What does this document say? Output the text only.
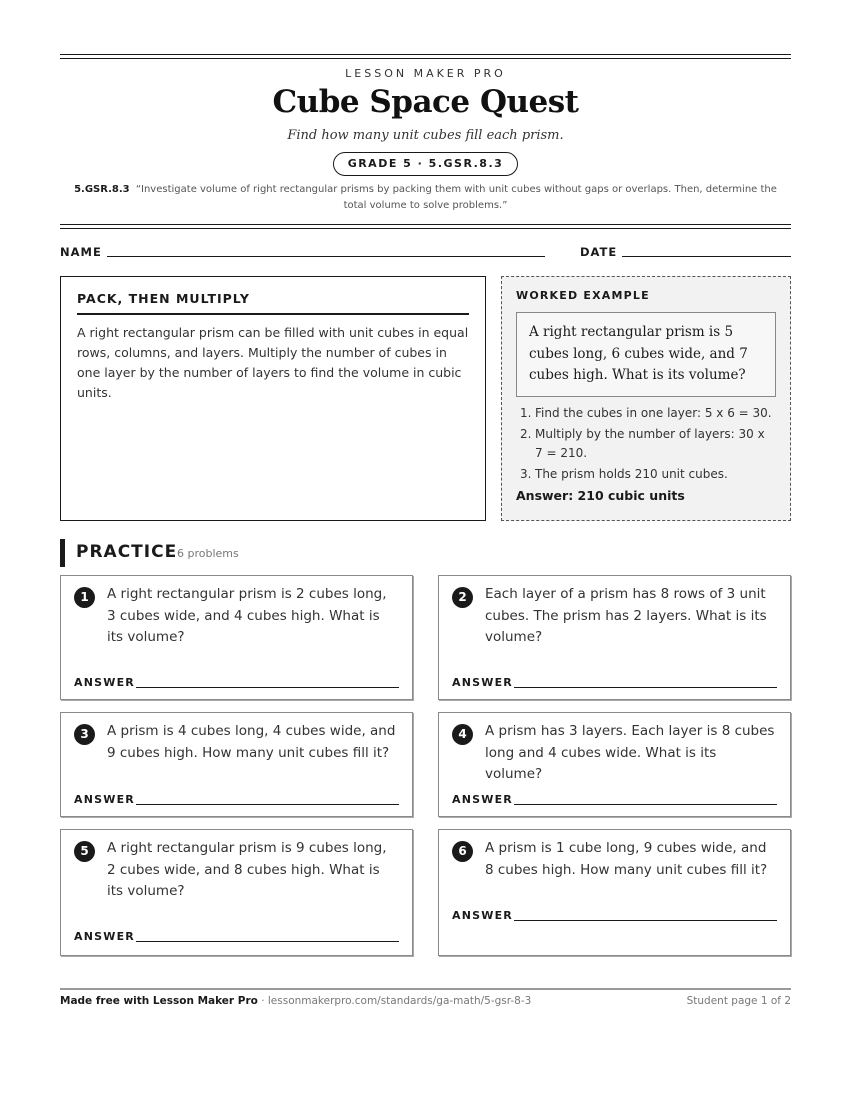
LESSON MAKER PRO
Cube Space Quest
Find how many unit cubes fill each prism.
GRADE 5 · 5.GSR.8.3
5.GSR.8.3 “Investigate volume of right rectangular prisms by packing them with unit cubes without gaps or overlaps. Then, determine the total volume to solve problems.”
NAME	DATE
PACK, THEN MULTIPLY
A right rectangular prism can be filled with unit cubes in equal rows, columns, and layers. Multiply the number of cubes in one layer by the number of layers to find the volume in cubic units.
WORKED EXAMPLE
A right rectangular prism is 5 cubes long, 6 cubes wide, and 7 cubes high. What is its volume?
1. Find the cubes in one layer: 5 x 6 = 30.
2. Multiply by the number of layers: 30 x 7 = 210.
3. The prism holds 210 unit cubes.
Answer: 210 cubic units
PRACTICE 6 problems
1	A right rectangular prism is 2 cubes long, 3 cubes wide, and 4 cubes high. What is its volume?
ANSWER
2	Each layer of a prism has 8 rows of 3 unit cubes. The prism has 2 layers. What is its volume?
ANSWER
3	A prism is 4 cubes long, 4 cubes wide, and 9 cubes high. How many unit cubes fill it?
ANSWER
4	A prism has 3 layers. Each layer is 8 cubes long and 4 cubes wide. What is its volume?
ANSWER
5	A right rectangular prism is 9 cubes long, 2 cubes wide, and 8 cubes high. What is its volume?
ANSWER
6	A prism is 1 cube long, 9 cubes wide, and 8 cubes high. How many unit cubes fill it?
ANSWER
Made free with Lesson Maker Pro · lessonmakerpro.com/standards/ga-math/5-gsr-8-3	Student page 1 of 2
